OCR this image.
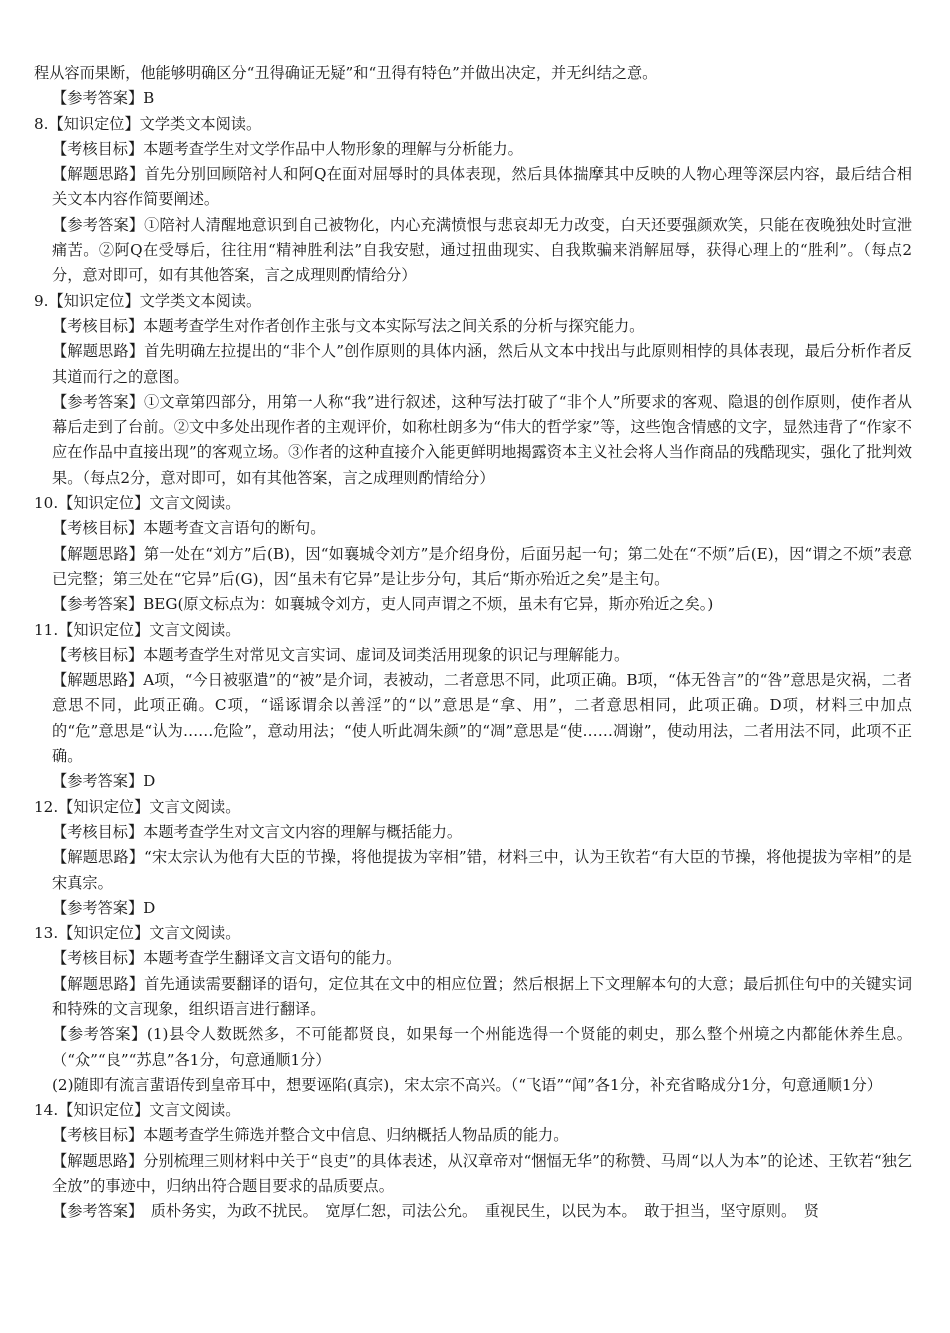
程从容而果断，他能够明确区分“丑得确证无疑”和“丑得有特色”并做出决定，并无纠结之意。

【参考答案】B

8.【知识定位】文学类文本阅读。

【考核目标】本题考查学生对文学作品中人物形象的理解与分析能力。

【解题思路】首先分别回顾陪衬人和阿Q在面对屈辱时的具体表现，然后具体揣摩其中反映的人物心理等深层内容，最后结合相关文本内容作简要阐述。

【参考答案】①陪衬人清醒地意识到自己被物化，内心充满愤恨与悲哀却无力改变，白天还要强颜欢笑，只能在夜晚独处时宣泄痛苦。②阿Q在受辱后，往往用“精神胜利法”自我安慰，通过扭曲现实、自我欺骗来消解屈辱，获得心理上的“胜利”。（每点2分，意对即可，如有其他答案，言之成理则酌情给分）

9.【知识定位】文学类文本阅读。

【考核目标】本题考查学生对作者创作主张与文本实际写法之间关系的分析与探究能力。

【解题思路】首先明确左拉提出的“非个人”创作原则的具体内涵，然后从文本中找出与此原则相悖的具体表现，最后分析作者反其道而行之的意图。

【参考答案】①文章第四部分，用第一人称“我”进行叙述，这种写法打破了“非个人”所要求的客观、隐退的创作原则，使作者从幕后走到了台前。②文中多处出现作者的主观评价，如称杜朗多为“伟大的哲学家”等，这些饱含情感的文字，显然违背了“作家不应在作品中直接出现”的客观立场。③作者的这种直接介入能更鲜明地揭露资本主义社会将人当作商品的残酷现实，强化了批判效果。（每点2分，意对即可，如有其他答案，言之成理则酌情给分）

10.【知识定位】文言文阅读。

【考核目标】本题考查文言语句的断句。

【解题思路】第一处在“刘方”后(B)，因“如襄城令刘方”是介绍身份，后面另起一句；第二处在“不烦”后(E)，因“谓之不烦”表意已完整；第三处在“它异”后(G)，因“虽未有它异”是让步分句，其后“斯亦殆近之矣”是主句。

【参考答案】BEG(原文标点为：如襄城令刘方，吏人同声谓之不烦，虽未有它异，斯亦殆近之矣。)

11.【知识定位】文言文阅读。

【考核目标】本题考查学生对常见文言实词、虚词及词类活用现象的识记与理解能力。

【解题思路】A项，“今日被驱遣”的“被”是介词，表被动，二者意思不同，此项正确。B项，“体无咎言”的“咎”意思是灾祸，二者意思不同，此项正确。C项，“谣诼谓余以善淫”的“以”意思是“拿、用”，二者意思相同，此项正确。D项，材料三中加点的“危”意思是“认为……危险”，意动用法；“使人听此凋朱颜”的“凋”意思是“使……凋谢”，使动用法，二者用法不同，此项不正确。

【参考答案】D

12.【知识定位】文言文阅读。

【考核目标】本题考查学生对文言文内容的理解与概括能力。

【解题思路】“宋太宗认为他有大臣的节操，将他提拔为宰相”错，材料三中，认为王钦若“有大臣的节操，将他提拔为宰相”的是宋真宗。

【参考答案】D

13.【知识定位】文言文阅读。

【考核目标】本题考查学生翻译文言文语句的能力。

【解题思路】首先通读需要翻译的语句，定位其在文中的相应位置；然后根据上下文理解本句的大意；最后抓住句中的关键实词和特殊的文言现象，组织语言进行翻译。

【参考答案】(1)县令人数既然多，不可能都贤良，如果每一个州能选得一个贤能的刺史，那么整个州境之内都能休养生息。（“众”“良”“苏息”各1分，句意通顺1分）

(2)随即有流言蜚语传到皇帝耳中，想要诬陷(真宗)，宋太宗不高兴。（“飞语”“闻”各1分，补充省略成分1分，句意通顺1分）

14.【知识定位】文言文阅读。

【考核目标】本题考查学生筛选并整合文中信息、归纳概括人物品质的能力。

【解题思路】分别梳理三则材料中关于“良吏”的具体表述，从汉章帝对“悃愊无华”的称赞、马周“以人为本”的论述、王钦若“独乞全放”的事迹中，归纳出符合题目要求的品质要点。

【参考答案】　质朴务实，为政不扰民。　宽厚仁恕，司法公允。　重视民生，以民为本。　敢于担当，坚守原则。　贤
